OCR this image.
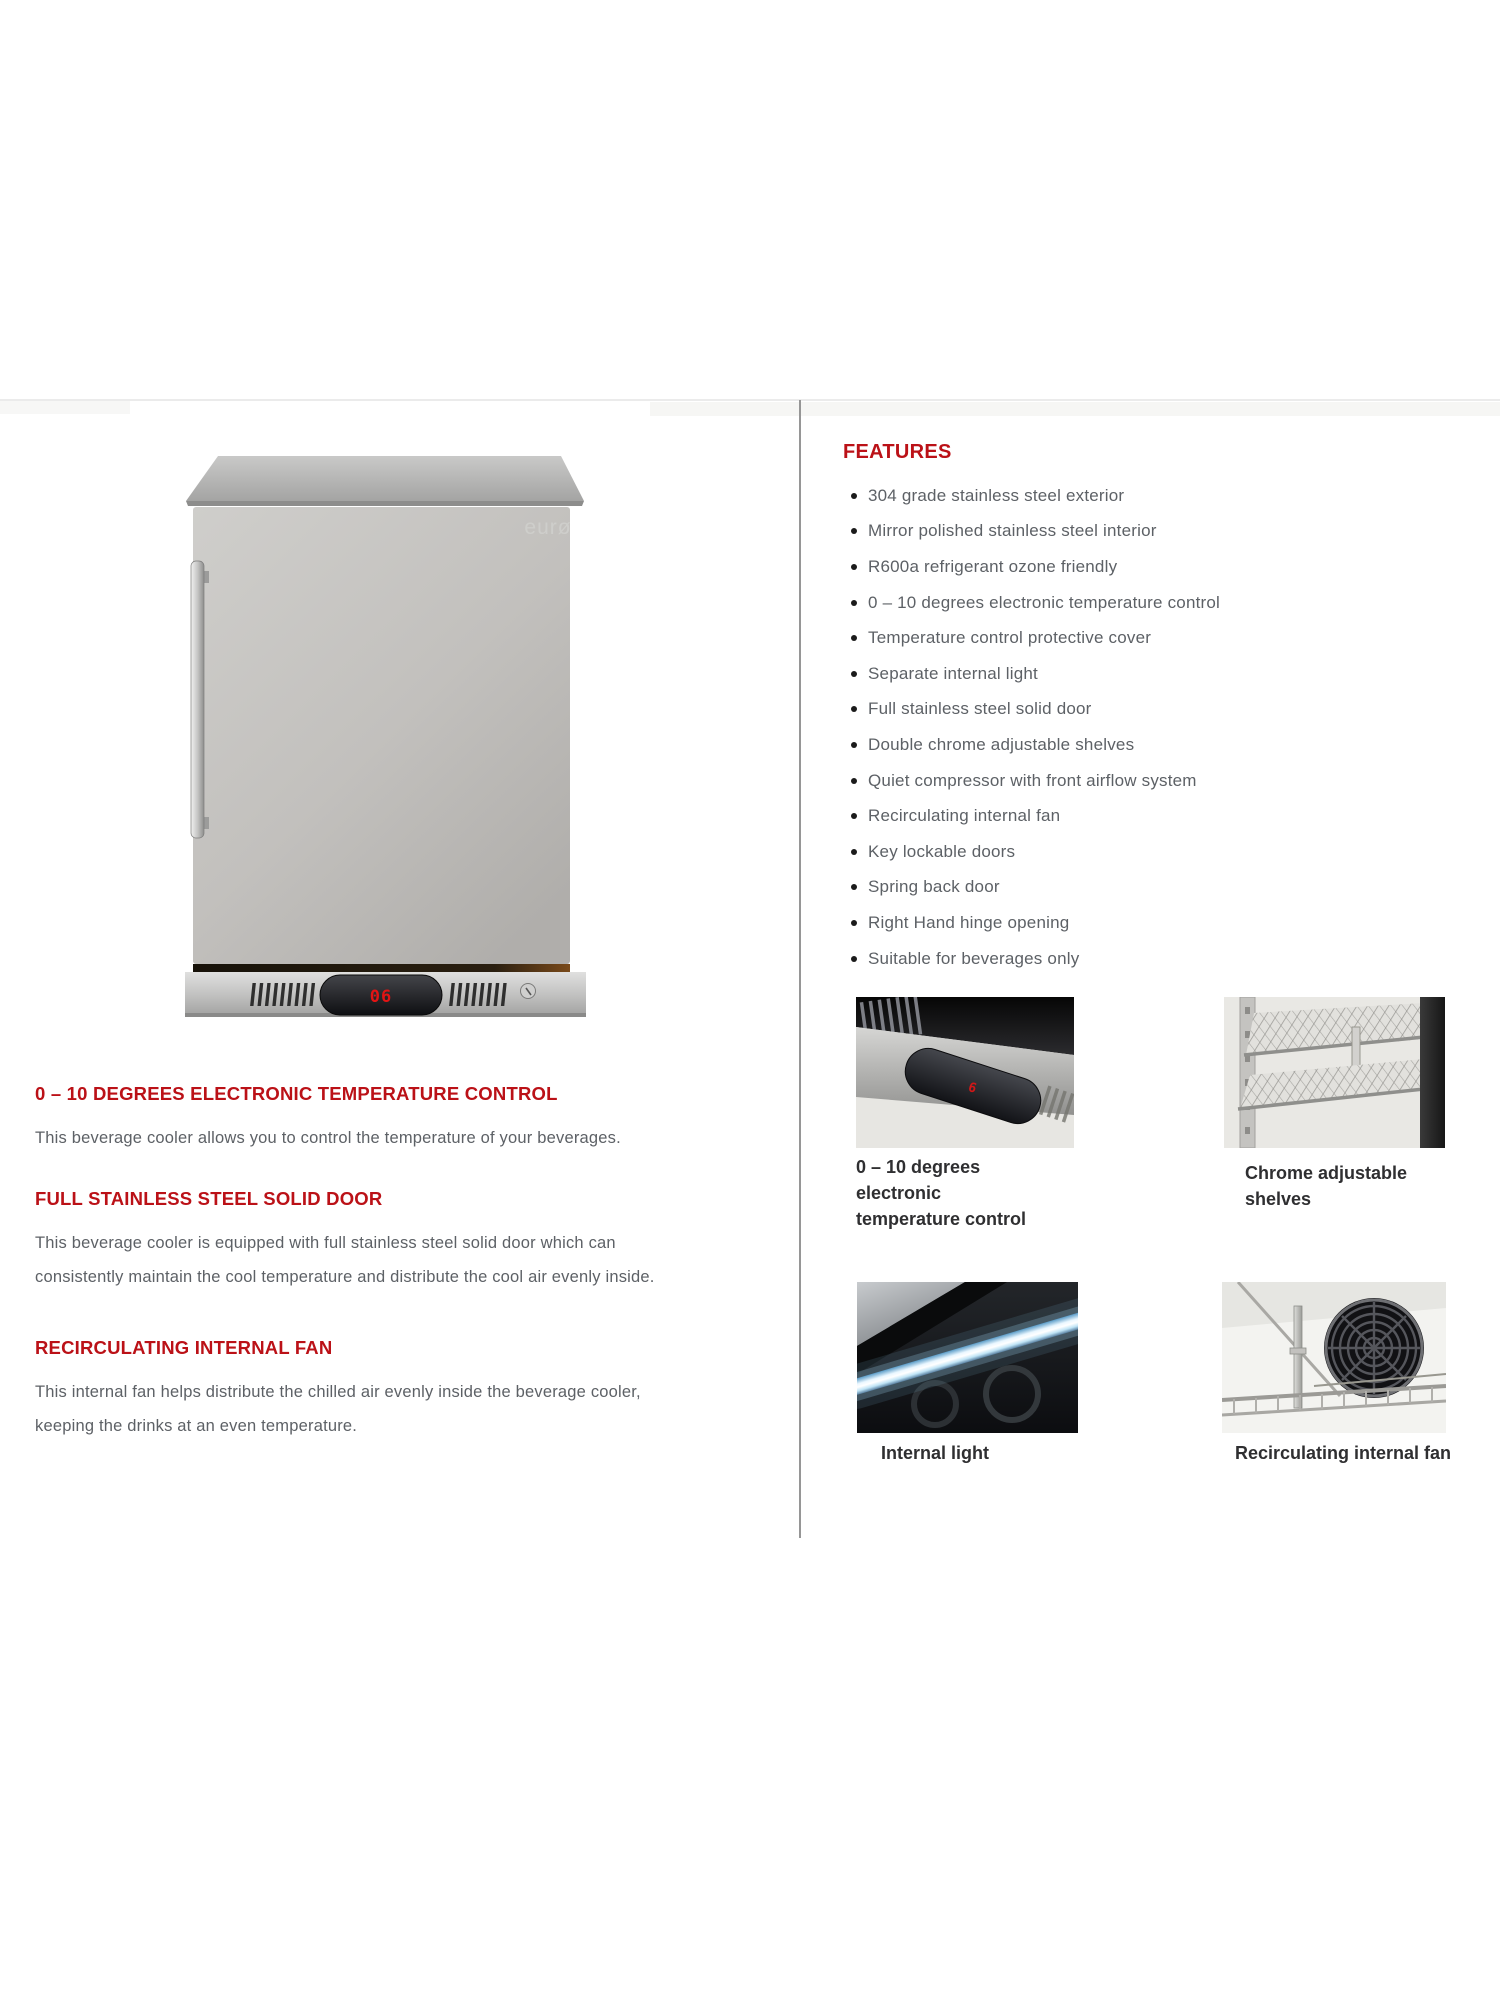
eurø
06
FEATURES
304 grade stainless steel exterior
Mirror polished stainless steel interior
R600a refrigerant ozone friendly
0 – 10 degrees electronic temperature control
Temperature control protective cover
Separate internal light
Full stainless steel solid door
Double chrome adjustable shelves
Quiet compressor with front airflow system
Recirculating internal fan
Key lockable doors
Spring back door
Right Hand hinge opening
Suitable for beverages only
0 – 10 DEGREES ELECTRONIC TEMPERATURE CONTROL
This beverage cooler allows you to control the temperature of your beverages.
FULL STAINLESS STEEL SOLID DOOR
This beverage cooler is equipped with full stainless steel solid door which can
consistently maintain the cool temperature and distribute the cool air evenly inside.
RECIRCULATING INTERNAL FAN
This internal fan helps distribute the chilled air evenly inside the beverage cooler,
keeping the drinks at an even temperature.
6
0 – 10 degrees
electronic
temperature control
Chrome adjustable
shelves
Internal light	Recirculating internal fan
